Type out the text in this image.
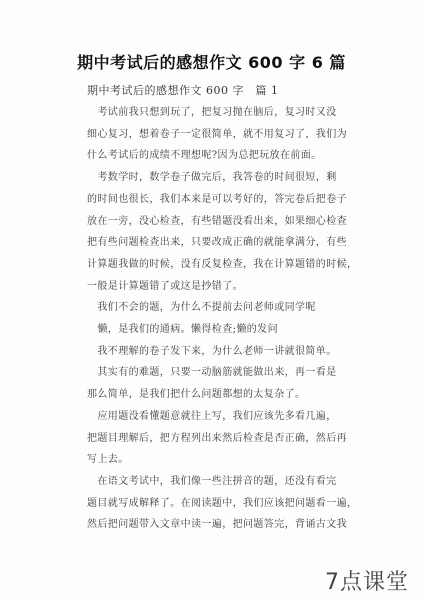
期中考试后的感想作文 600 字 6 篇
期中考试后的感想作文 600 字　篇 1

　考试前我只想到玩了，把复习抛在脑后，复习时又没

细心复习，想着卷子一定很简单，就不用复习了，我们为

什么考试后的成绩不理想呢?因为总把玩放在前面。

　考数学时，数学卷子做完后，我答卷的时间很短，剩

的时间也很长，我们本来是可以考好的，答完卷后把卷子

放在一旁，没心检查，有些错题没看出来，如果细心检查

把有些问题检查出来，只要改成正确的就能拿满分，有些

计算题我做的时候，没有反复检查，我在计算题错的时候，

一般是计算题错了或这是抄错了。

　我们不会的题，为什么不提前去问老师或同学呢

　懒，是我们的通病。懒得检查;懒的发问

　我不理解的卷子发下来，为什么老师一讲就很简单。

　其实有的难题，只要一动脑筋就能做出来，再一看是

那么简单，是我们把什么问题都想的太复杂了。

　应用题没看懂题意就往上写，我们应该先多看几遍，

把题目理解后，把方程列出来然后检查是否正确，然后再

写上去。

　在语文考试中，我们像一些注拼音的题，还没有看完

题目就写成解释了。在阅读题中，我们应该把问题看一遍，

然后把问题带入文章中读一遍，把问题答完，背诵古文我

7点课堂
